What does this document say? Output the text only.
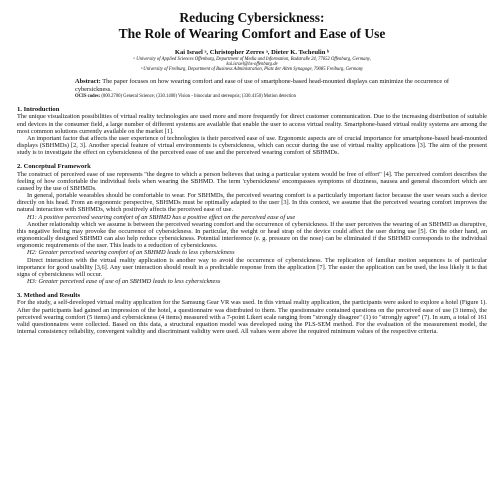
Reducing Cybersickness:
The Role of Wearing Comfort and Ease of Use
Kai Israel ᵃ, Christopher Zerres ᵃ, Dieter K. Tscheulin ᵇ
ᵃ University of Applied Sciences Offenburg, Department of Media and Information, Badstraße 24, 77652 Offenburg, Germany,
kai.israel@hs-offenburg.de
ᵇ University of Freiburg, Department of Business Administration, Platz der Alten Synagoge, 79085 Freiburg, Germany
Abstract: The paper focuses on how wearing comfort and ease of use of smartphone-based head-mounted displays can minimize the occurrence of cybersickness.
OCIS codes: (000.2700) General Science; (330.1400) Vision - binocular and stereopsis; (330.4150) Motion detection
1. Introduction

The unique visualization possibilities of virtual reality technologies are used more and more frequently for direct customer communication. Due to the increasing distribution of suitable end devices in the consumer field, a large number of different systems are available that enable the user to access virtual reality. Smartphone-based virtual reality systems are among the most common solutions currently available on the market [1].

An important factor that affects the user experience of technologies is their perceived ease of use. Ergonomic aspects are of crucial importance for smartphone-based head-mounted displays (SBHMDs) [2, 3]. Another special feature of virtual environments is cybersickness, which can occur during the use of virtual reality applications [3]. The aim of the present study is to investigate the effect on cybersickness of the perceived ease of use and the perceived wearing comfort of SBHMDs.

2. Conceptual Framework

The construct of perceived ease of use represents "the degree to which a person believes that using a particular system would be free of effort" [4]. The perceived comfort describes the feeling of how comfortable the individual feels when wearing the SBHMD. The term 'cybersickness' encompasses symptoms of dizziness, nausea and general discomfort which are caused by the use of SBHMDs.

In general, portable wearables should be comfortable to wear. For SBHMDs, the perceived wearing comfort is a particularly important factor because the user wears such a device directly on his head. From an ergonomic perspective, SBHMDs must be optimally adapted to the user [3]. In this context, we assume that the perceived wearing comfort improves the natural interaction with SBHMDs, which positively affects the perceived ease of use.

H1: A positive perceived wearing comfort of an SBHMD has a positive effect on the perceived ease of use

Another relationship which we assume is between the perceived wearing comfort and the occurrence of cybersickness. If the user perceives the wearing of an SBHMD as disruptive, this negative feeling may provoke the occurrence of cybersickness. In particular, the weight or head strap of the device could affect the user during use [5]. On the other hand, an ergonomically designed SBHMD can also help reduce cybersickness. Potential interference (e. g. pressure on the nose) can be eliminated if the SBHMD corresponds to the individual ergonomic requirements of the user. This leads to a reduction of cybersickness.

H2: Greater perceived wearing comfort of an SBHMD leads to less cybersickness

Direct interaction with the virtual reality application is another way to avoid the occurrence of cybersickness. The replication of familiar motion sequences is of particular importance for good usability [3,6]. Any user interaction should result in a predictable response from the application [7]. The easier the application can be used, the less likely it is that signs of cybersickness will occur.

H3: Greater perceived ease of use of an SBHMD leads to less cybersickness

3. Method and Results

For the study, a self-developed virtual reality application for the Samsung Gear VR was used. In this virtual reality application, the participants were asked to explore a hotel (Figure 1). After the participants had gained an impression of the hotel, a questionnaire was distributed to them. The questionnaire contained questions on the perceived ease of use (3 items), the perceived wearing comfort (5 items) and cybersickness (4 items) measured with a 7-point Likert scale ranging from "strongly disagree" (1) to "strongly agree" (7). In sum, a total of 161 valid questionnaires were collected. Based on this data, a structural equation model was developed using the PLS-SEM method. For the evaluation of the measurement model, the internal consistency reliability, convergent validity and discriminant validity were used. All values were above the required minimum values of the respective criteria.
